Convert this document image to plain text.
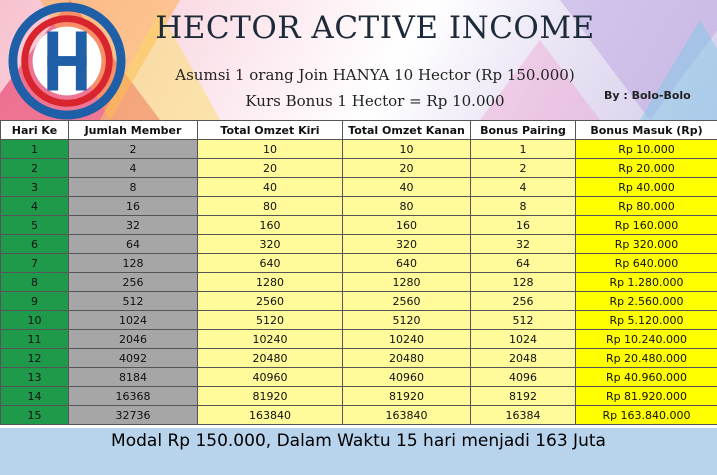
HECTOR ACTIVE INCOME
Asumsi 1 orang Join HANYA 10 Hector (Rp 150.000)
Kurs Bonus 1 Hector = Rp 10.000	By : Bolo-Bolo
Hari Ke	Jumlah Member	Total Omzet Kiri	Total Omzet Kanan	Bonus Pairing	Bonus Masuk (Rp)
1	2	10	10	1	Rp 10.000
2	4	20	20	2	Rp 20.000
3	8	40	40	4	Rp 40.000
4	16	80	80	8	Rp 80.000
5	32	160	160	16	Rp 160.000
6	64	320	320	32	Rp 320.000
7	128	640	640	64	Rp 640.000
8	256	1280	1280	128	Rp 1.280.000
9	512	2560	2560	256	Rp 2.560.000
10	1024	5120	5120	512	Rp 5.120.000
11	2046	10240	10240	1024	Rp 10.240.000
12	4092	20480	20480	2048	Rp 20.480.000
13	8184	40960	40960	4096	Rp 40.960.000
14	16368	81920	81920	8192	Rp 81.920.000
15	32736	163840	163840	16384	Rp 163.840.000
Modal Rp 150.000, Dalam Waktu 15 hari menjadi 163 Juta
